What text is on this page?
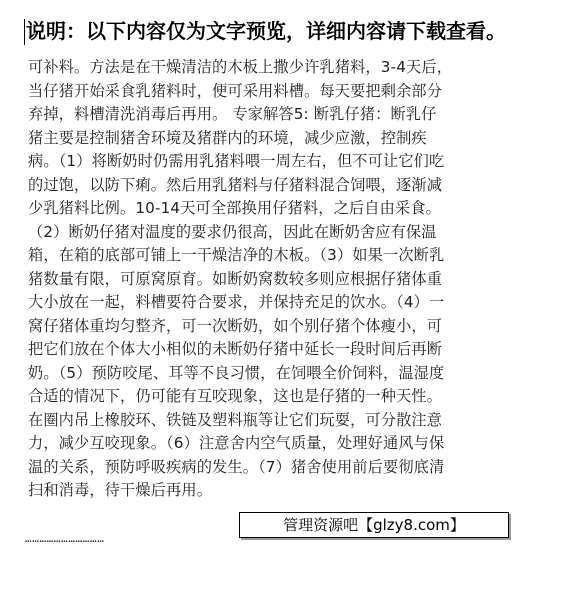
说明：以下内容仅为文字预览，详细内容请下载查看。
可补料。方法是在干燥清洁的木板上撒少许乳猪料，3-4天后，
当仔猪开始采食乳猪料时，便可采用料槽。每天要把剩余部分
弃掉，料槽清洗消毒后再用。 专家解答5: 断乳仔猪：断乳仔
猪主要是控制猪舍环境及猪群内的环境，减少应激，控制疾
病。（1）将断奶时仍需用乳猪料喂一周左右，但不可让它们吃
的过饱，以防下痢。然后用乳猪料与仔猪料混合饲喂，逐渐减
少乳猪料比例。10-14天可全部换用仔猪料，之后自由采食。
（2）断奶仔猪对温度的要求仍很高，因此在断奶舍应有保温
箱，在箱的底部可铺上一干燥洁净的木板。（3）如果一次断乳
猪数量有限，可原窝原育。如断奶窝数较多则应根据仔猪体重
大小放在一起，料槽要符合要求，并保持充足的饮水。（4）一
窝仔猪体重均匀整齐，可一次断奶，如个别仔猪个体瘦小，可
把它们放在个体大小相似的未断奶仔猪中延长一段时间后再断
奶。（5）预防咬尾、耳等不良习惯，在饲喂全价饲料，温湿度
合适的情况下，仍可能有互咬现象，这也是仔猪的一种天性。
在圈内吊上橡胶环、铁链及塑料瓶等让它们玩耍，可分散注意
力，减少互咬现象。（6）注意舍内空气质量，处理好通风与保
温的关系，预防呼吸疾病的发生。（7）猪舍使用前后要彻底清
扫和消毒，待干燥后再用。
管理资源吧【glzy8.com】
……………………………
